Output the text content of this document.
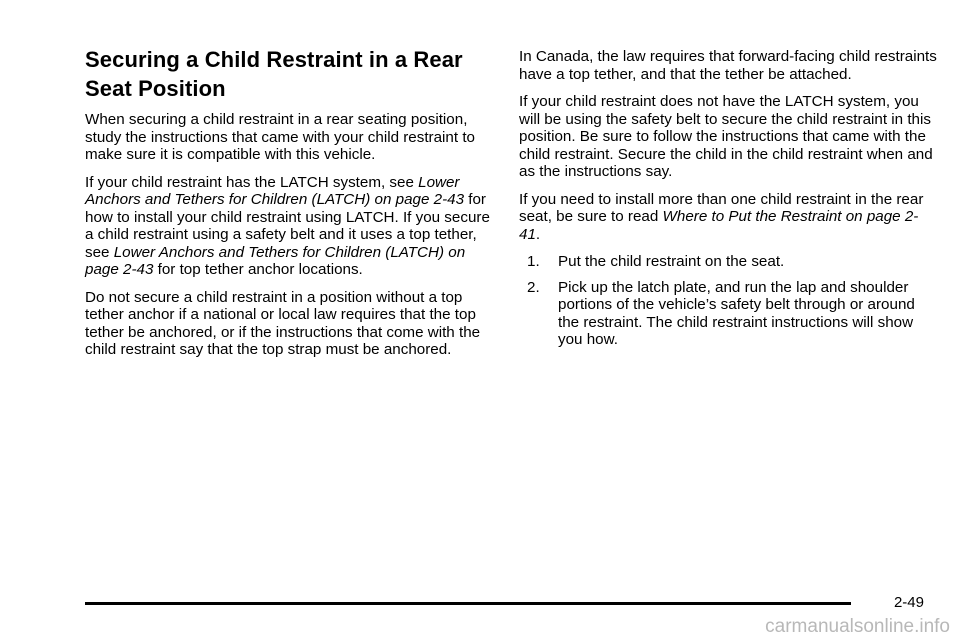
Securing a Child Restraint in a Rear Seat Position

When securing a child restraint in a rear seating position, study the instructions that came with your child restraint to make sure it is compatible with this vehicle.

If your child restraint has the LATCH system, see Lower Anchors and Tethers for Children (LATCH) on page 2-43 for how to install your child restraint using LATCH. If you secure a child restraint using a safety belt and it uses a top tether, see Lower Anchors and Tethers for Children (LATCH) on page 2-43 for top tether anchor locations.

Do not secure a child restraint in a position without a top tether anchor if a national or local law requires that the top tether be anchored, or if the instructions that come with the child restraint say that the top strap must be anchored.

In Canada, the law requires that forward-facing child restraints have a top tether, and that the tether be attached.

If your child restraint does not have the LATCH system, you will be using the safety belt to secure the child restraint in this position. Be sure to follow the instructions that came with the child restraint. Secure the child in the child restraint when and as the instructions say.

If you need to install more than one child restraint in the rear seat, be sure to read Where to Put the Restraint on page 2-41.

1. Put the child restraint on the seat.
2. Pick up the latch plate, and run the lap and shoulder portions of the vehicle’s safety belt through or around the restraint. The child restraint instructions will show you how.
2-49
carmanualsonline.info
